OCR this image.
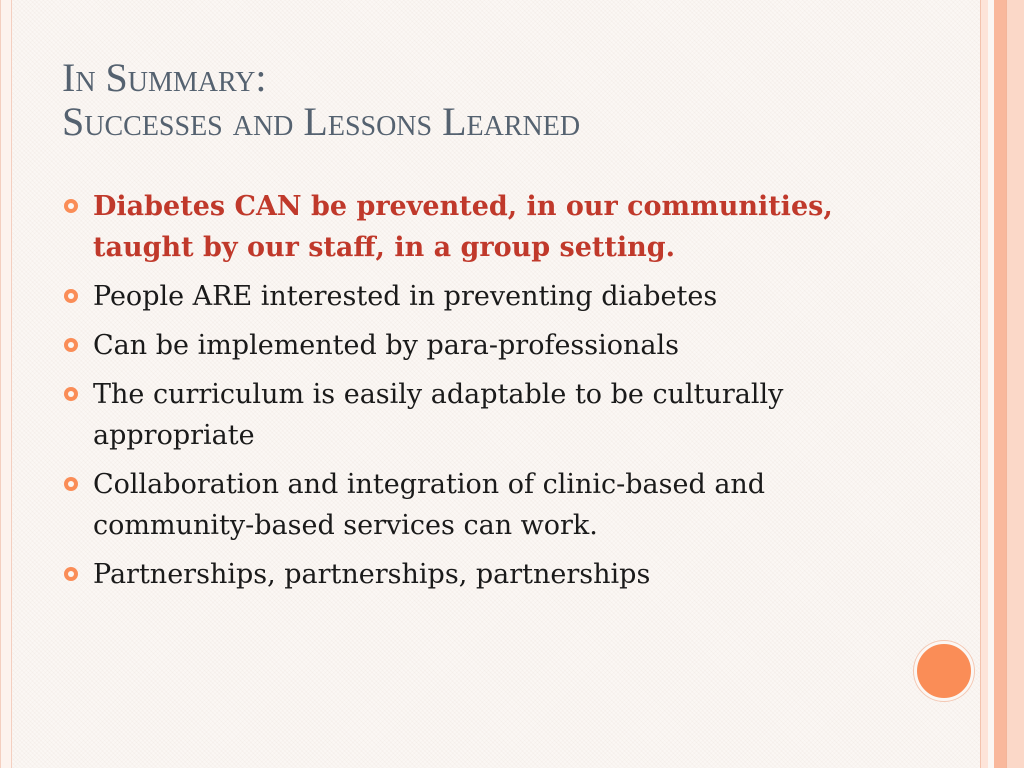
In Summary:
Successes and Lessons Learned
Diabetes CAN be prevented, in our communities, taught by our staff, in a group setting.
People ARE interested in preventing diabetes
Can be implemented by para-professionals
The curriculum is easily adaptable to be culturally appropriate
Collaboration and integration of clinic-based and community-based services can work.
Partnerships, partnerships, partnerships
